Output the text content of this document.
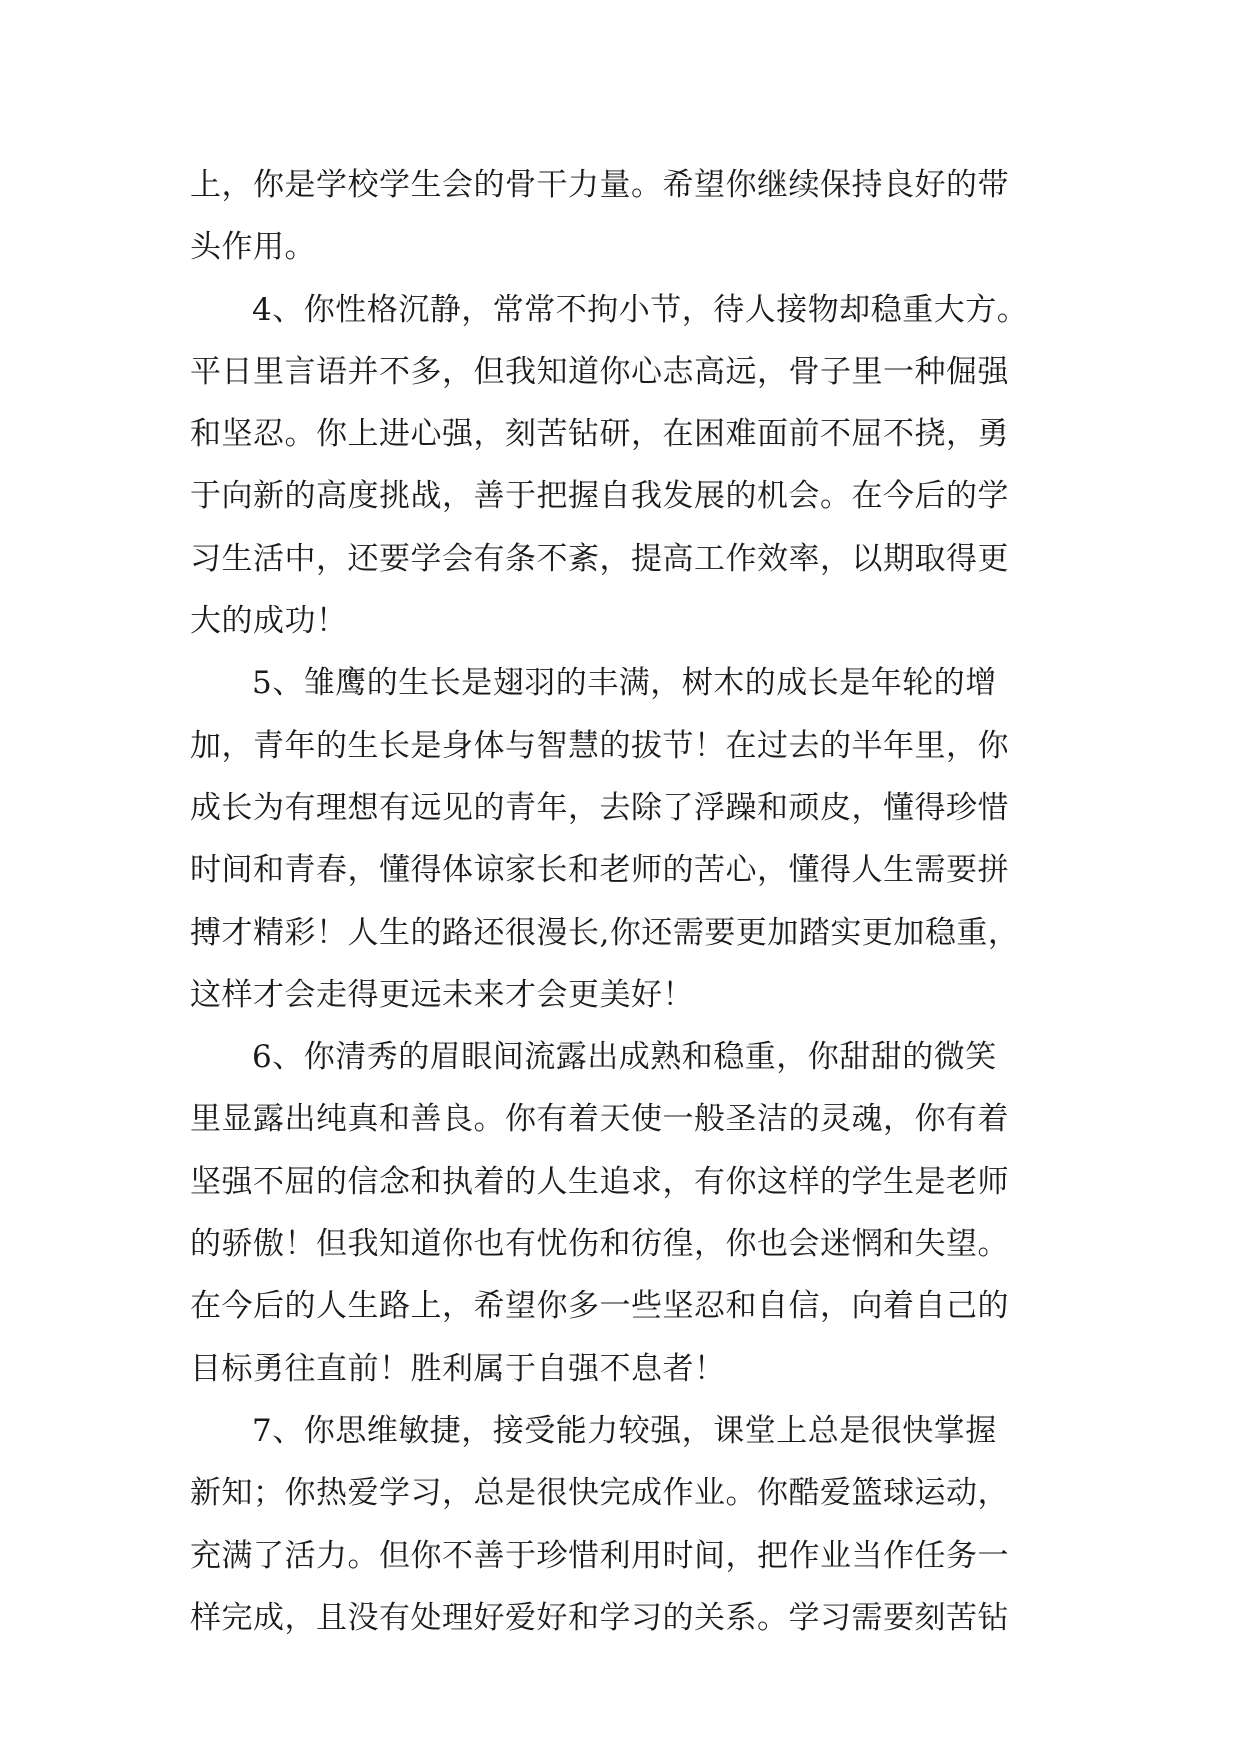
上，你是学校学生会的骨干力量。希望你继续保持良好的带
头作用。
4、你性格沉静，常常不拘小节，待人接物却稳重大方。
平日里言语并不多，但我知道你心志高远，骨子里一种倔强
和坚忍。你上进心强，刻苦钻研，在困难面前不屈不挠，勇
于向新的高度挑战，善于把握自我发展的机会。在今后的学
习生活中，还要学会有条不紊，提高工作效率，以期取得更
大的成功！
5、雏鹰的生长是翅羽的丰满，树木的成长是年轮的增
加，青年的生长是身体与智慧的拔节！在过去的半年里，你
成长为有理想有远见的青年，去除了浮躁和顽皮，懂得珍惜
时间和青春，懂得体谅家长和老师的苦心，懂得人生需要拼
搏才精彩！人生的路还很漫长,你还需要更加踏实更加稳重，
这样才会走得更远未来才会更美好！
6、你清秀的眉眼间流露出成熟和稳重，你甜甜的微笑
里显露出纯真和善良。你有着天使一般圣洁的灵魂，你有着
坚强不屈的信念和执着的人生追求，有你这样的学生是老师
的骄傲！但我知道你也有忧伤和彷徨，你也会迷惘和失望。
在今后的人生路上，希望你多一些坚忍和自信，向着自己的
目标勇往直前！胜利属于自强不息者！
7、你思维敏捷，接受能力较强，课堂上总是很快掌握
新知；你热爱学习，总是很快完成作业。你酷爱篮球运动，
充满了活力。但你不善于珍惜利用时间，把作业当作任务一
样完成，且没有处理好爱好和学习的关系。学习需要刻苦钻
